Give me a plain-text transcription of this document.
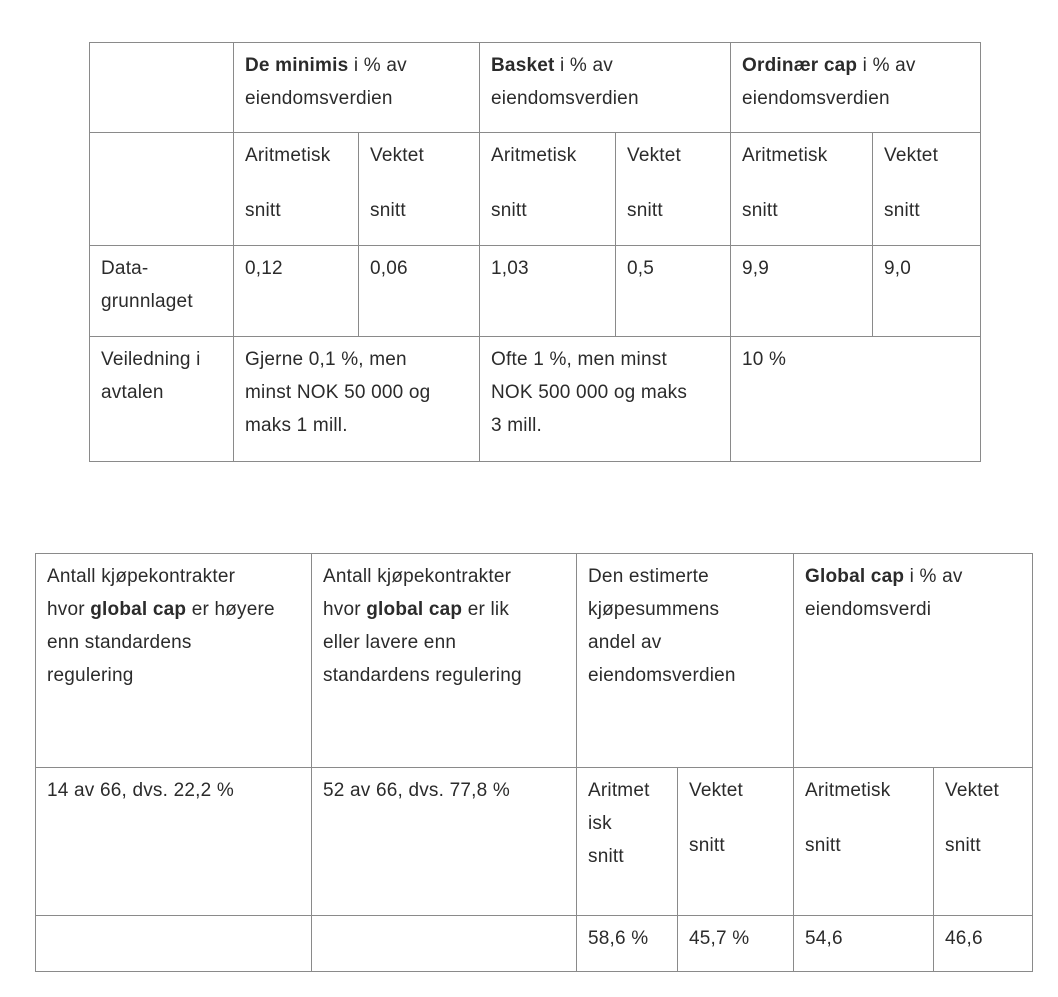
	De minimis i % av
eiendomsverdien		Basket i % av
eiendomsverdien		Ordinær cap i % av
eiendomsverdien	

	Aritmetisk
snitt	Vektet
snitt	Aritmetisk
snitt	Vektet
snitt	Aritmetisk
snitt	Vektet
snitt

Data-
grunnlaget	0,12	0,06	1,03	0,5	9,9	9,0

Veiledning i
avtalen	Gjerne 0,1 %, men
minst NOK 50 000 og
maks 1 mill.		Ofte 1 %, men minst
NOK 500 000 og maks
3 mill.		10 %	
Antall kjøpekontrakter
hvor global cap er høyere
enn standardens
regulering	Antall kjøpekontrakter
hvor global cap er lik
eller lavere enn
standardens regulering	Den estimerte
kjøpesummens
andel av
eiendomsverdien		Global cap i % av
eiendomsverdi	

14 av 66, dvs. 22,2 %	52 av 66, dvs. 77,8 %	Aritmet
isk
snitt	Vektet
snitt	Aritmetisk
snitt	Vektet
snitt

		58,6 %	45,7 %	54,6	46,6
